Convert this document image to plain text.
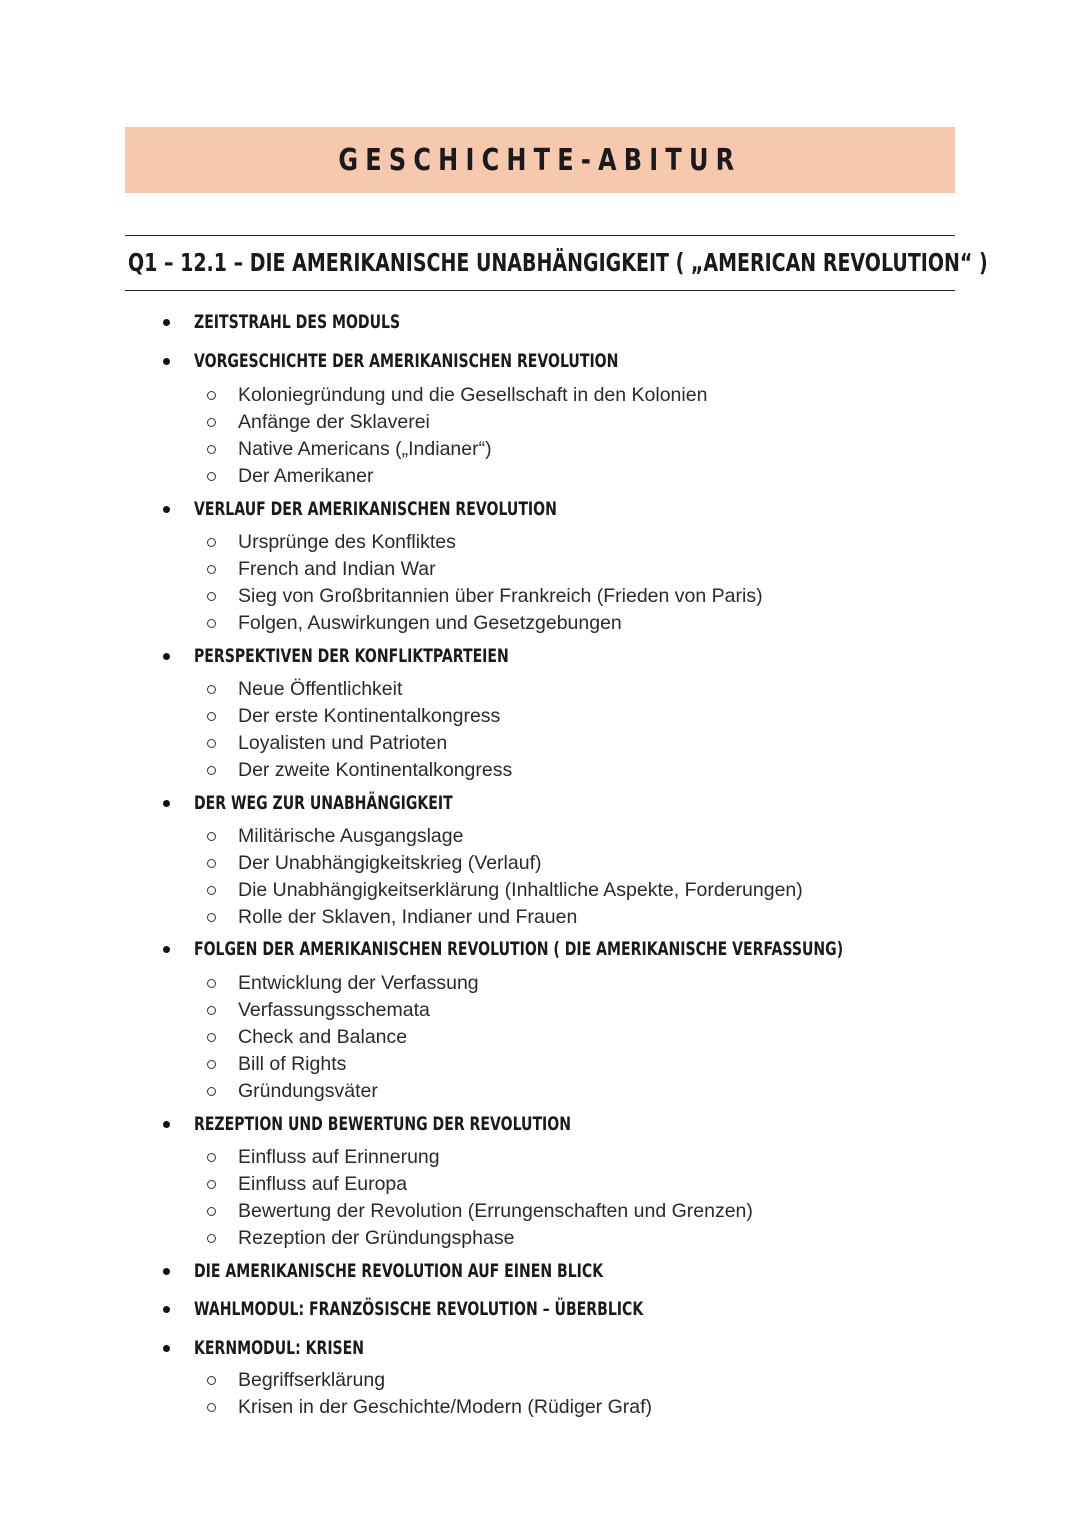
GESCHICHTE-ABITUR
Q1 – 12.1 – DIE AMERIKANISCHE UNABHÄNGIGKEIT ( „AMERICAN REVOLUTION“ )
ZEITSTRAHL DES MODULS
VORGESCHICHTE DER AMERIKANISCHEN REVOLUTION
Koloniegründung und die Gesellschaft in den Kolonien
Anfänge der Sklaverei
Native Americans („Indianer“)
Der Amerikaner
VERLAUF DER AMERIKANISCHEN REVOLUTION
Ursprünge des Konfliktes
French and Indian War
Sieg von Großbritannien über Frankreich (Frieden von Paris)
Folgen, Auswirkungen und Gesetzgebungen
PERSPEKTIVEN DER KONFLIKTPARTEIEN
Neue Öffentlichkeit
Der erste Kontinentalkongress
Loyalisten und Patrioten
Der zweite Kontinentalkongress
DER WEG ZUR UNABHÄNGIGKEIT
Militärische Ausgangslage
Der Unabhängigkeitskrieg (Verlauf)
Die Unabhängigkeitserklärung (Inhaltliche Aspekte, Forderungen)
Rolle der Sklaven, Indianer und Frauen
FOLGEN DER AMERIKANISCHEN REVOLUTION ( DIE AMERIKANISCHE VERFASSUNG)
Entwicklung der Verfassung
Verfassungsschemata
Check and Balance
Bill of Rights
Gründungsväter
REZEPTION UND BEWERTUNG DER REVOLUTION
Einfluss auf Erinnerung
Einfluss auf Europa
Bewertung der Revolution (Errungenschaften und Grenzen)
Rezeption der Gründungsphase
DIE AMERIKANISCHE REVOLUTION AUF EINEN BLICK
WAHLMODUL: FRANZÖSISCHE REVOLUTION – ÜBERBLICK
KERNMODUL: KRISEN
Begriffserklärung
Krisen in der Geschichte/Modern (Rüdiger Graf)
